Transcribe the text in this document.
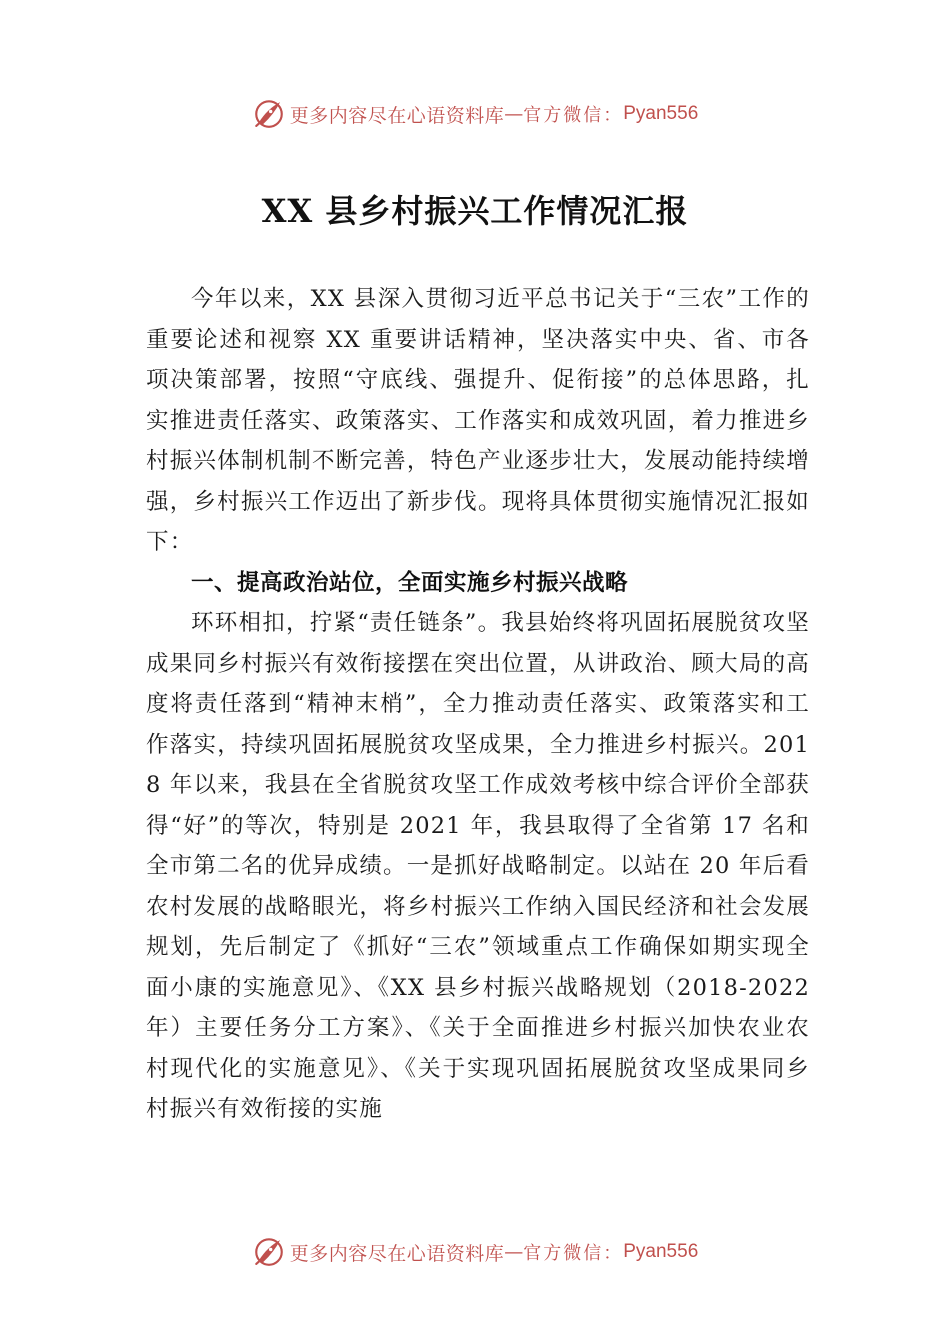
更多内容尽在心语资料库 — 官方微信： Pyan556
XX 县乡村振兴工作情况汇报

今年以来，XX 县深入贯彻习近平总书记关于“三农”工作的重要论述和视察 XX 重要讲话精神，坚决落实中央、省、市各项决策部署，按照“守底线、强提升、促衔接”的总体思路，扎实推进责任落实、政策落实、工作落实和成效巩固，着力推进乡村振兴体制机制不断完善，特色产业逐步壮大，发展动能持续增强，乡村振兴工作迈出了新步伐。现将具体贯彻实施情况汇报如下：

一、提高政治站位，全面实施乡村振兴战略

环环相扣，拧紧“责任链条”。我县始终将巩固拓展脱贫攻坚成果同乡村振兴有效衔接摆在突出位置，从讲政治、顾大局的高度将责任落到“精神末梢”，全力推动责任落实、政策落实和工作落实，持续巩固拓展脱贫攻坚成果，全力推进乡村振兴。2018 年以来，我县在全省脱贫攻坚工作成效考核中综合评价全部获得“好”的等次，特别是 2021 年，我县取得了全省第 17 名和全市第二名的优异成绩。一是抓好战略制定。以站在 20 年后看农村发展的战略眼光，将乡村振兴工作纳入国民经济和社会发展规划，先后制定了《抓好“三农”领域重点工作确保如期实现全面小康的实施意见》、《XX 县乡村振兴战略规划（2018-2022 年）主要任务分工方案》、《关于全面推进乡村振兴加快农业农村现代化的实施意见》、《关于实现巩固拓展脱贫攻坚成果同乡村振兴有效衔接的实施

更多内容尽在心语资料库 — 官方微信： Pyan556
